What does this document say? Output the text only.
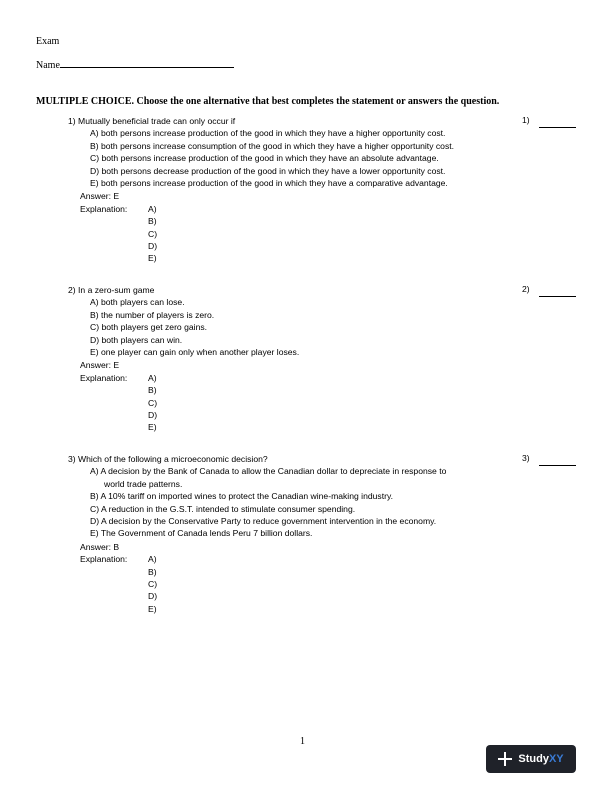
Exam
Name
MULTIPLE CHOICE. Choose the one alternative that best completes the statement or answers the question.
1) Mutually beneficial trade can only occur if
A) both persons increase production of the good in which they have a higher opportunity cost.
B) both persons increase consumption of the good in which they have a higher opportunity cost.
C) both persons increase production of the good in which they have an absolute advantage.
D) both persons decrease production of the good in which they have a lower opportunity cost.
E) both persons increase production of the good in which they have a comparative advantage.
Answer: E
Explanation: A)
B)
C)
D)
E)
1)
2) In a zero-sum game
A) both players can lose.
B) the number of players is zero.
C) both players get zero gains.
D) both players can win.
E) one player can gain only when another player loses.
Answer: E
Explanation: A)
B)
C)
D)
E)
2)
3) Which of the following a microeconomic decision?
A) A decision by the Bank of Canada to allow the Canadian dollar to depreciate in response to
world trade patterns.
B) A 10% tariff on imported wines to protect the Canadian wine-making industry.
C) A reduction in the G.S.T. intended to stimulate consumer spending.
D) A decision by the Conservative Party to reduce government intervention in the economy.
E) The Government of Canada lends Peru 7 billion dollars.
Answer: B
Explanation: A)
B)
C)
D)
E)
3)
1
Study XY
